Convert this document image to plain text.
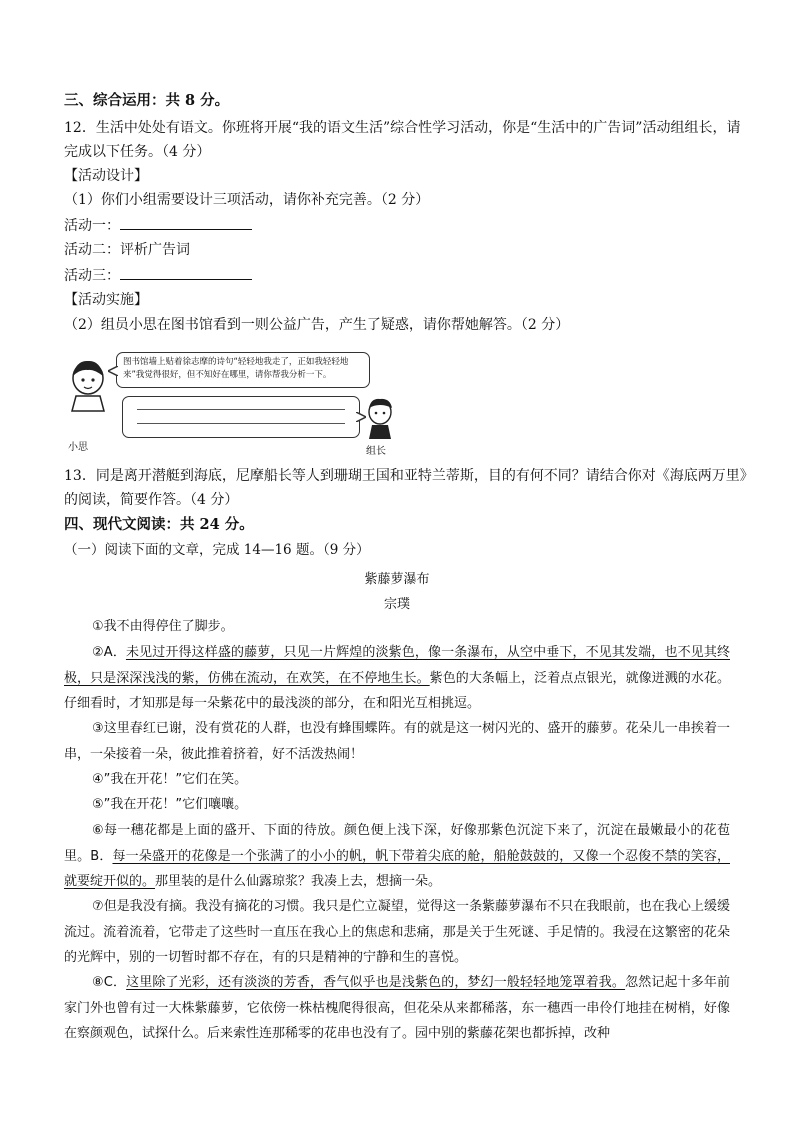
三、综合运用：共 8 分。
12．生活中处处有语文。你班将开展“我的语文生活”综合性学习活动，你是“生活中的广告词”活动组组长，请
完成以下任务。（4 分）
【活动设计】
（1）你们小组需要设计三项活动，请你补充完善。（2 分）
活动一：
活动二：评析广告词
活动三：
【活动实施】
（2）组员小思在图书馆看到一则公益广告，产生了疑惑，请你帮她解答。（2 分）
小思
图书馆墙上贴着徐志摩的诗句“轻轻地我走了，正如我轻轻地来”我觉得很好，但不知好在哪里，请你帮我分析一下。
组长
13．同是离开潜艇到海底，尼摩船长等人到珊瑚王国和亚特兰蒂斯，目的有何不同？请结合你对《海底两万里》
的阅读，简要作答。（4 分）
四、现代文阅读：共 24 分。
（一）阅读下面的文章，完成 14—16 题。（9 分）
紫藤萝瀑布
宗璞
①我不由得停住了脚步。
②A．未见过开得这样盛的藤萝，只见一片辉煌的淡紫色，像一条瀑布，从空中垂下，不见其发端，也不见其终极，只是深深浅浅的紫，仿佛在流动，在欢笑，在不停地生长。紫色的大条幅上，泛着点点银光，就像迸溅的水花。仔细看时，才知那是每一朵紫花中的最浅淡的部分，在和阳光互相挑逗。
③这里春红已谢，没有赏花的人群，也没有蜂围蝶阵。有的就是这一树闪光的、盛开的藤萝。花朵儿一串挨着一串，一朵接着一朵，彼此推着挤着，好不活泼热闹！
④”我在开花！”它们在笑。
⑤”我在开花！”它们嚷嚷。
⑥每一穗花都是上面的盛开、下面的待放。颜色便上浅下深，好像那紫色沉淀下来了，沉淀在最嫩最小的花苞里。B．每一朵盛开的花像是一个张满了的小小的帆，帆下带着尖底的舱，船舱鼓鼓的，又像一个忍俊不禁的笑容，就要绽开似的。那里装的是什么仙露琼浆？我凑上去，想摘一朵。
⑦但是我没有摘。我没有摘花的习惯。我只是伫立凝望，觉得这一条紫藤萝瀑布不只在我眼前，也在我心上缓缓流过。流着流着，它带走了这些时一直压在我心上的焦虑和悲痛，那是关于生死谜、手足情的。我浸在这繁密的花朵的光辉中，别的一切暂时都不存在，有的只是精神的宁静和生的喜悦。
⑧C．这里除了光彩，还有淡淡的芳香，香气似乎也是浅紫色的，梦幻一般轻轻地笼罩着我。忽然记起十多年前家门外也曾有过一大株紫藤萝，它依傍一株枯槐爬得很高，但花朵从来都稀落，东一穗西一串伶仃地挂在树梢，好像在察颜观色，试探什么。后来索性连那稀零的花串也没有了。园中别的紫藤花架也都拆掉，改种
